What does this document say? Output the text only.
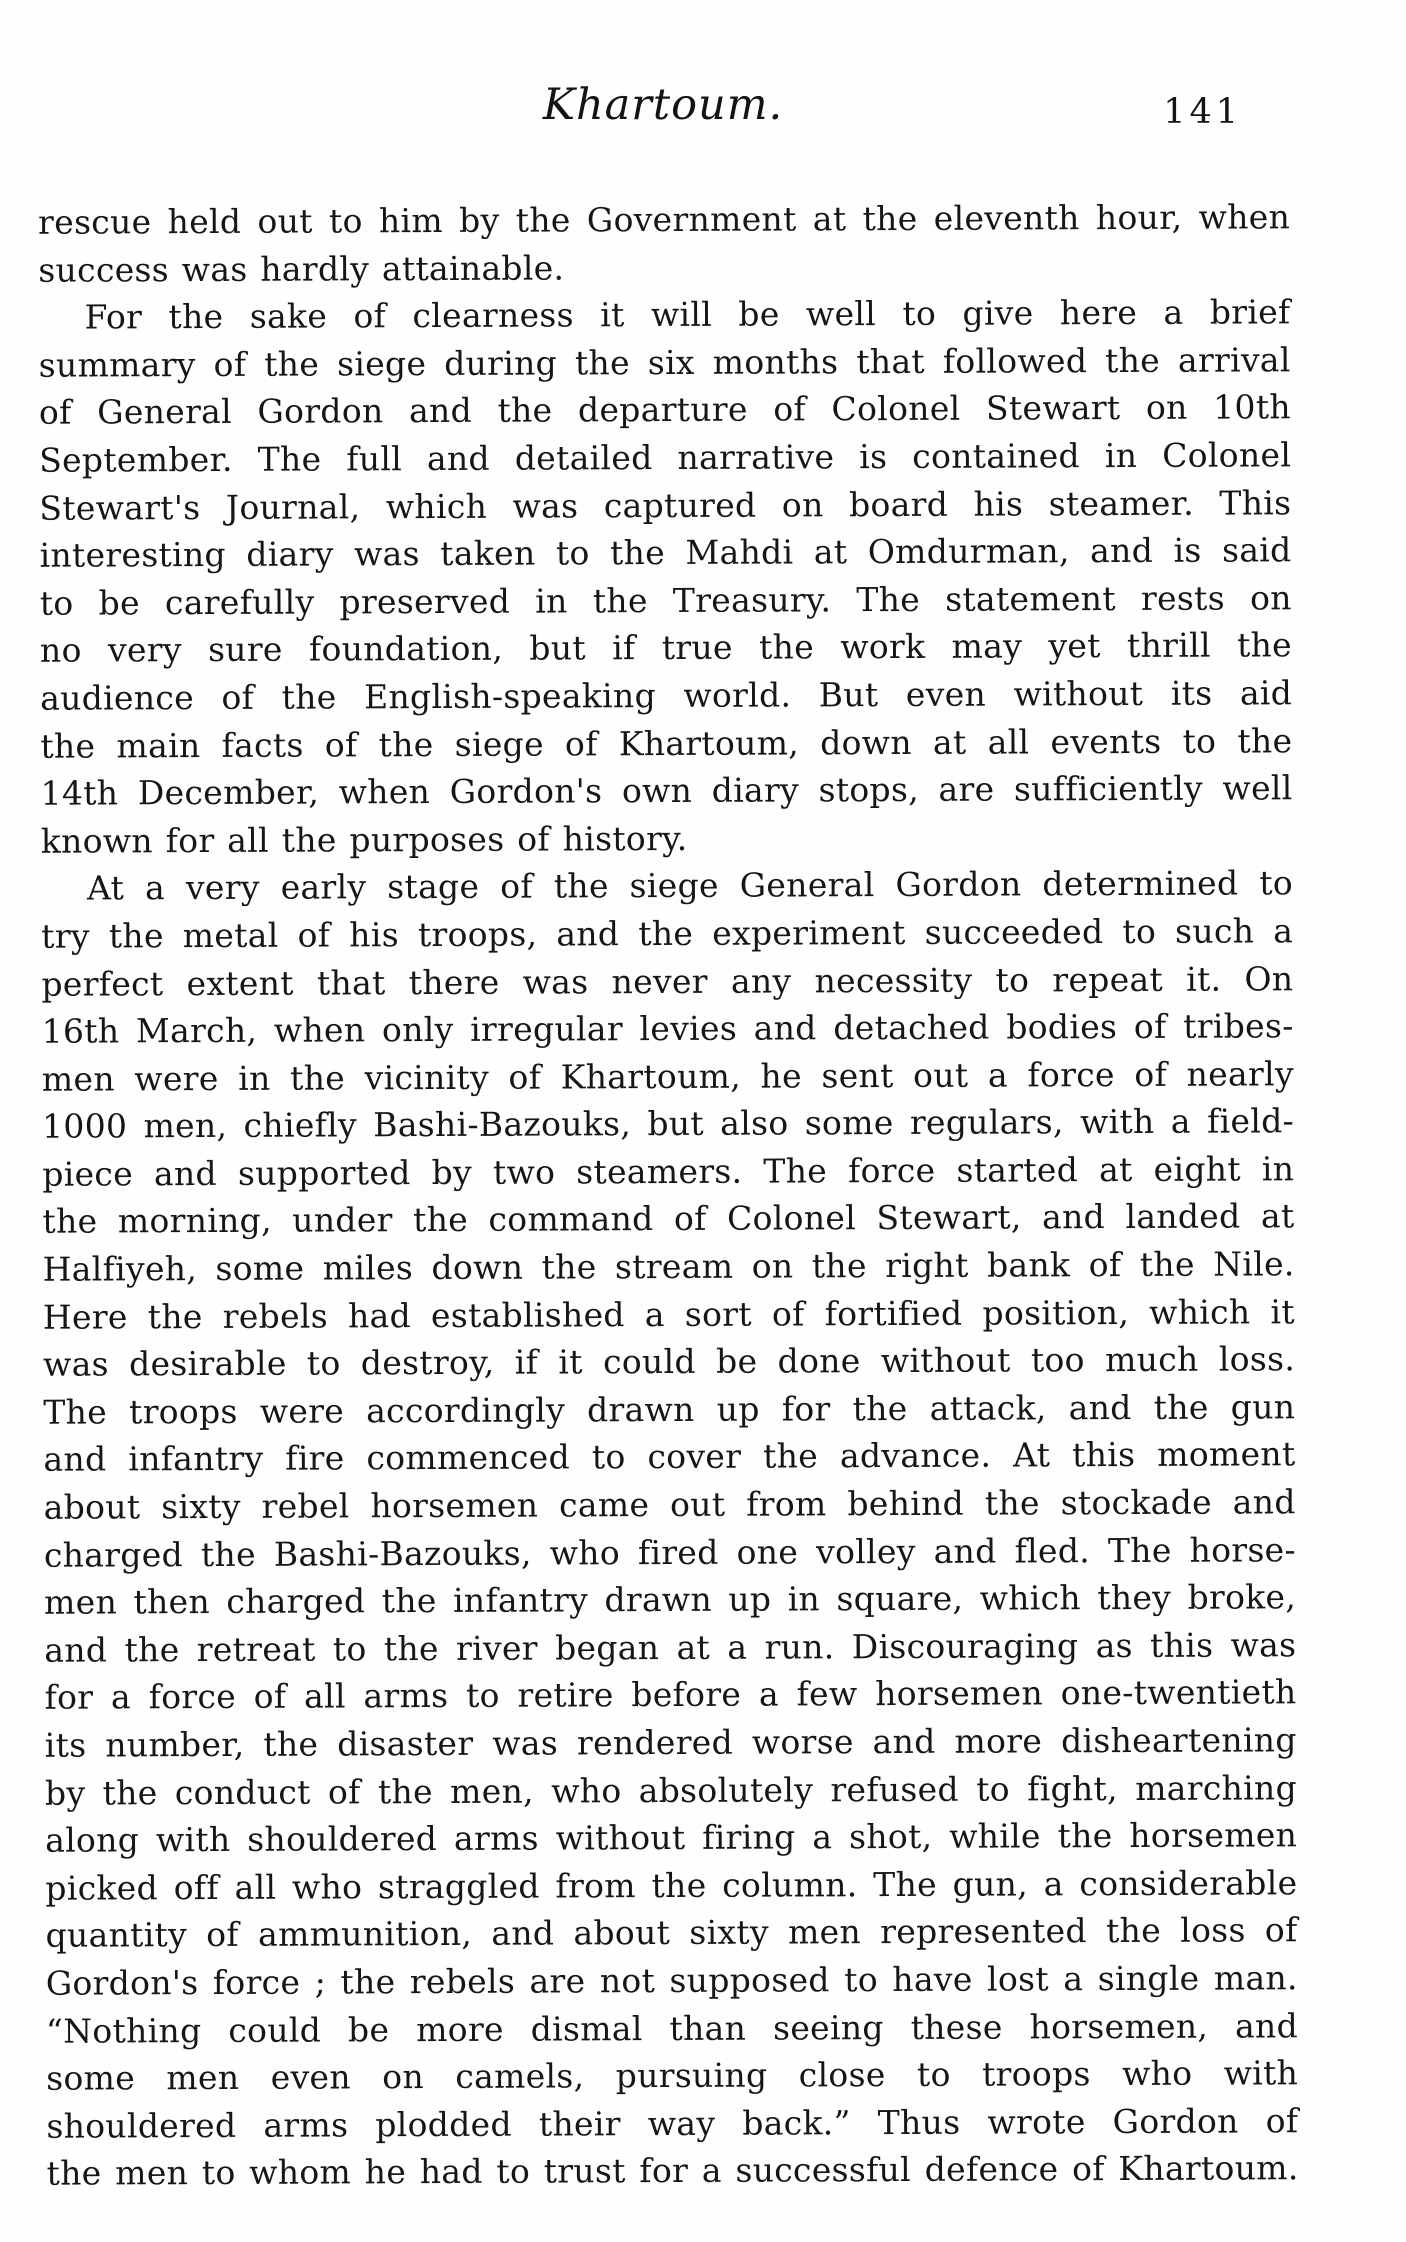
Khartoum.	141
rescue held out to him by the Government at the eleventh hour, when
success was hardly attainable.
For the sake of clearness it will be well to give here a brief
summary of the siege during the six months that followed the arrival
of General Gordon and the departure of Colonel Stewart on 10th
September. The full and detailed narrative is contained in Colonel
Stewart's Journal, which was captured on board his steamer. This
interesting diary was taken to the Mahdi at Omdurman, and is said
to be carefully preserved in the Treasury. The statement rests on
no very sure foundation, but if true the work may yet thrill the
audience of the English-speaking world. But even without its aid
the main facts of the siege of Khartoum, down at all events to the
14th December, when Gordon's own diary stops, are sufficiently well
known for all the purposes of history.
At a very early stage of the siege General Gordon determined to
try the metal of his troops, and the experiment succeeded to such a
perfect extent that there was never any necessity to repeat it. On
16th March, when only irregular levies and detached bodies of tribes-
men were in the vicinity of Khartoum, he sent out a force of nearly
1000 men, chiefly Bashi-Bazouks, but also some regulars, with a field-
piece and supported by two steamers. The force started at eight in
the morning, under the command of Colonel Stewart, and landed at
Halfiyeh, some miles down the stream on the right bank of the Nile.
Here the rebels had established a sort of fortified position, which it
was desirable to destroy, if it could be done without too much loss.
The troops were accordingly drawn up for the attack, and the gun
and infantry fire commenced to cover the advance. At this moment
about sixty rebel horsemen came out from behind the stockade and
charged the Bashi-Bazouks, who fired one volley and fled. The horse-
men then charged the infantry drawn up in square, which they broke,
and the retreat to the river began at a run. Discouraging as this was
for a force of all arms to retire before a few horsemen one-twentieth
its number, the disaster was rendered worse and more disheartening
by the conduct of the men, who absolutely refused to fight, marching
along with shouldered arms without firing a shot, while the horsemen
picked off all who straggled from the column. The gun, a considerable
quantity of ammunition, and about sixty men represented the loss of
Gordon's force ; the rebels are not supposed to have lost a single man.
“Nothing could be more dismal than seeing these horsemen, and
some men even on camels, pursuing close to troops who with
shouldered arms plodded their way back.” Thus wrote Gordon of
the men to whom he had to trust for a successful defence of Khartoum.
